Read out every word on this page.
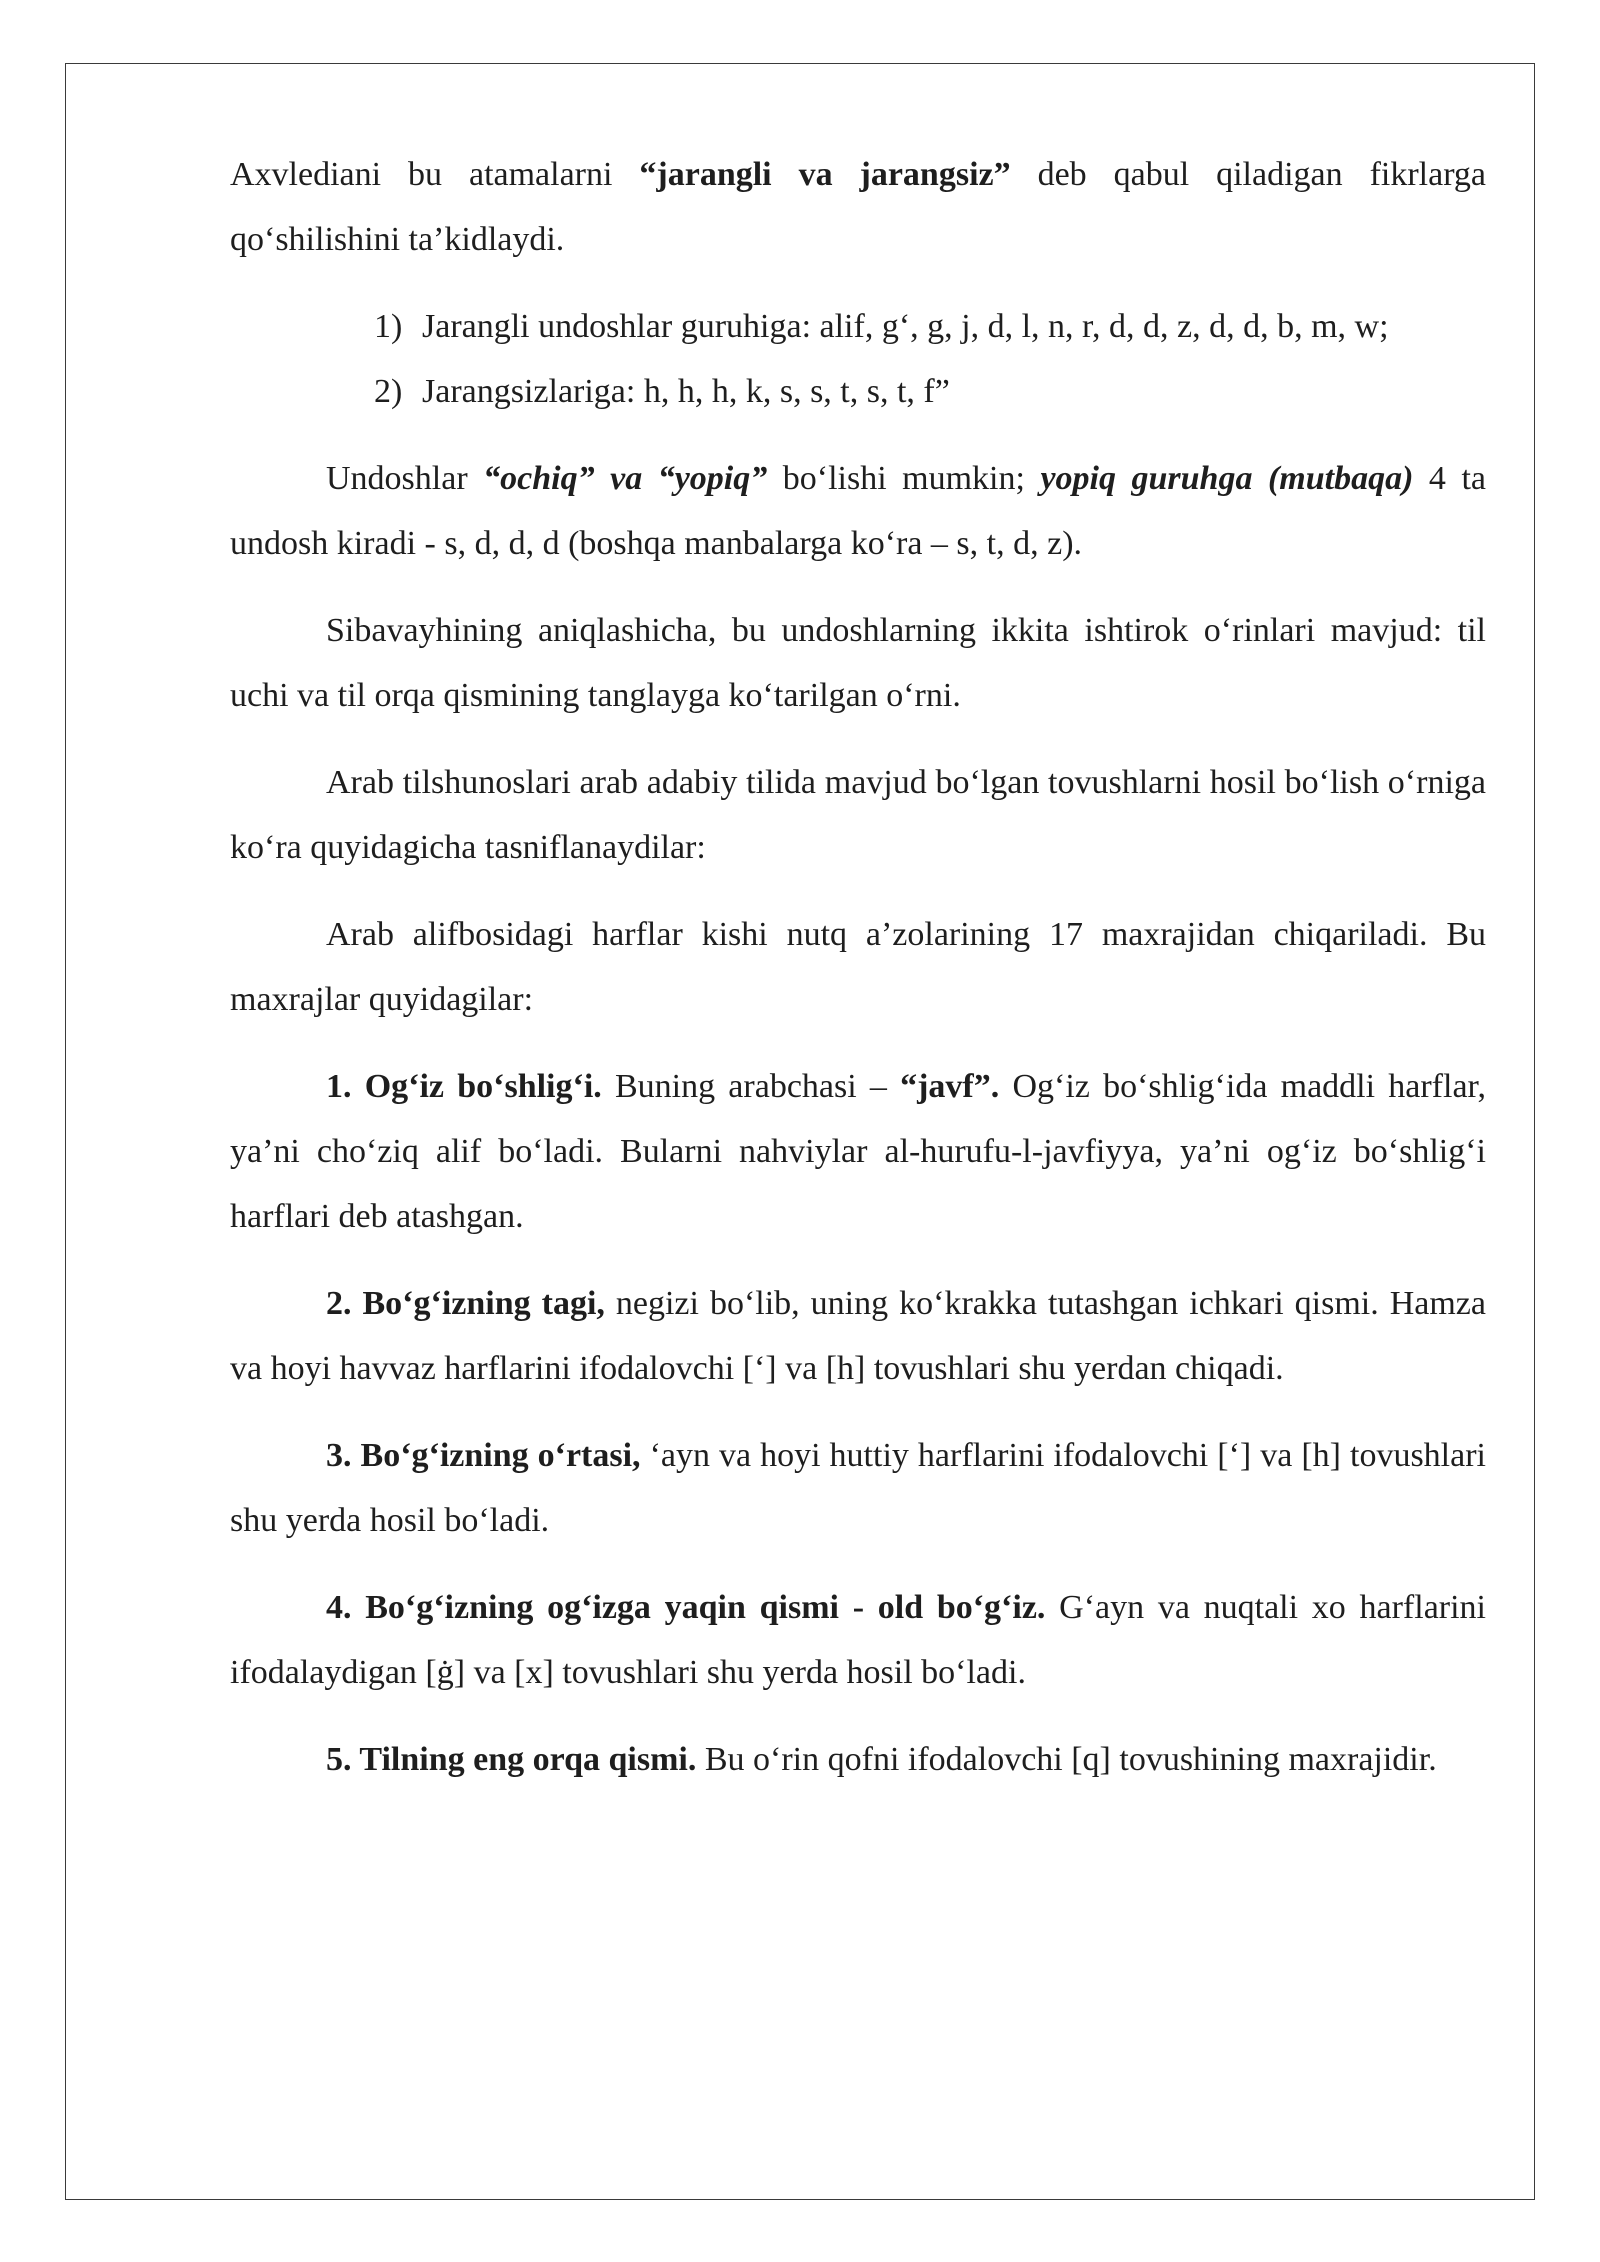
Axvlediani bu atamalarni “jarangli va jarangsiz” deb qabul qiladigan fikrlarga qo‘shilishini ta’kidlaydi.

1) Jarangli undoshlar guruhiga: alif, g‘, g, j, d, l, n, r, d, d, z, d, d, b, m, w;
2) Jarangsizlariga: h, h, h, k, s, s, t, s, t, f”

Undoshlar “ochiq” va “yopiq” bo‘lishi mumkin; yopiq guruhga (mutbaqa) 4 ta undosh kiradi - s, d, d, d (boshqa manbalarga ko‘ra – s, t, d, z).

Sibavayhining aniqlashicha, bu undoshlarning ikkita ishtirok o‘rinlari mavjud: til uchi va til orqa qismining tanglayga ko‘tarilgan o‘rni.

Arab tilshunoslari arab adabiy tilida mavjud bo‘lgan tovushlarni hosil bo‘lish o‘rniga ko‘ra quyidagicha tasniflanaydilar:

Arab alifbosidagi harflar kishi nutq a’zolarining 17 maxrajidan chiqariladi. Bu maxrajlar quyidagilar:

1. Og‘iz bo‘shlig‘i. Buning arabchasi – “javf”. Og‘iz bo‘shlig‘ida maddli harflar, ya’ni cho‘ziq alif bo‘ladi. Bularni nahviylar al-hurufu-l-javfiyya, ya’ni og‘iz bo‘shlig‘i harflari deb atashgan.

2. Bo‘g‘izning tagi, negizi bo‘lib, uning ko‘krakka tutashgan ichkari qismi. Hamza va hoyi havvaz harflarini ifodalovchi [‘] va [h] tovushlari shu yerdan chiqadi.

3. Bo‘g‘izning o‘rtasi, ‘ayn va hoyi huttiy harflarini ifodalovchi [‘] va [h] tovushlari shu yerda hosil bo‘ladi.

4. Bo‘g‘izning og‘izga yaqin qismi - old bo‘g‘iz. G‘ayn va nuqtali xo harflarini ifodalaydigan [ġ] va [x] tovushlari shu yerda hosil bo‘ladi.

5. Tilning eng orqa qismi. Bu o‘rin qofni ifodalovchi [q] tovushining maxrajidir.
